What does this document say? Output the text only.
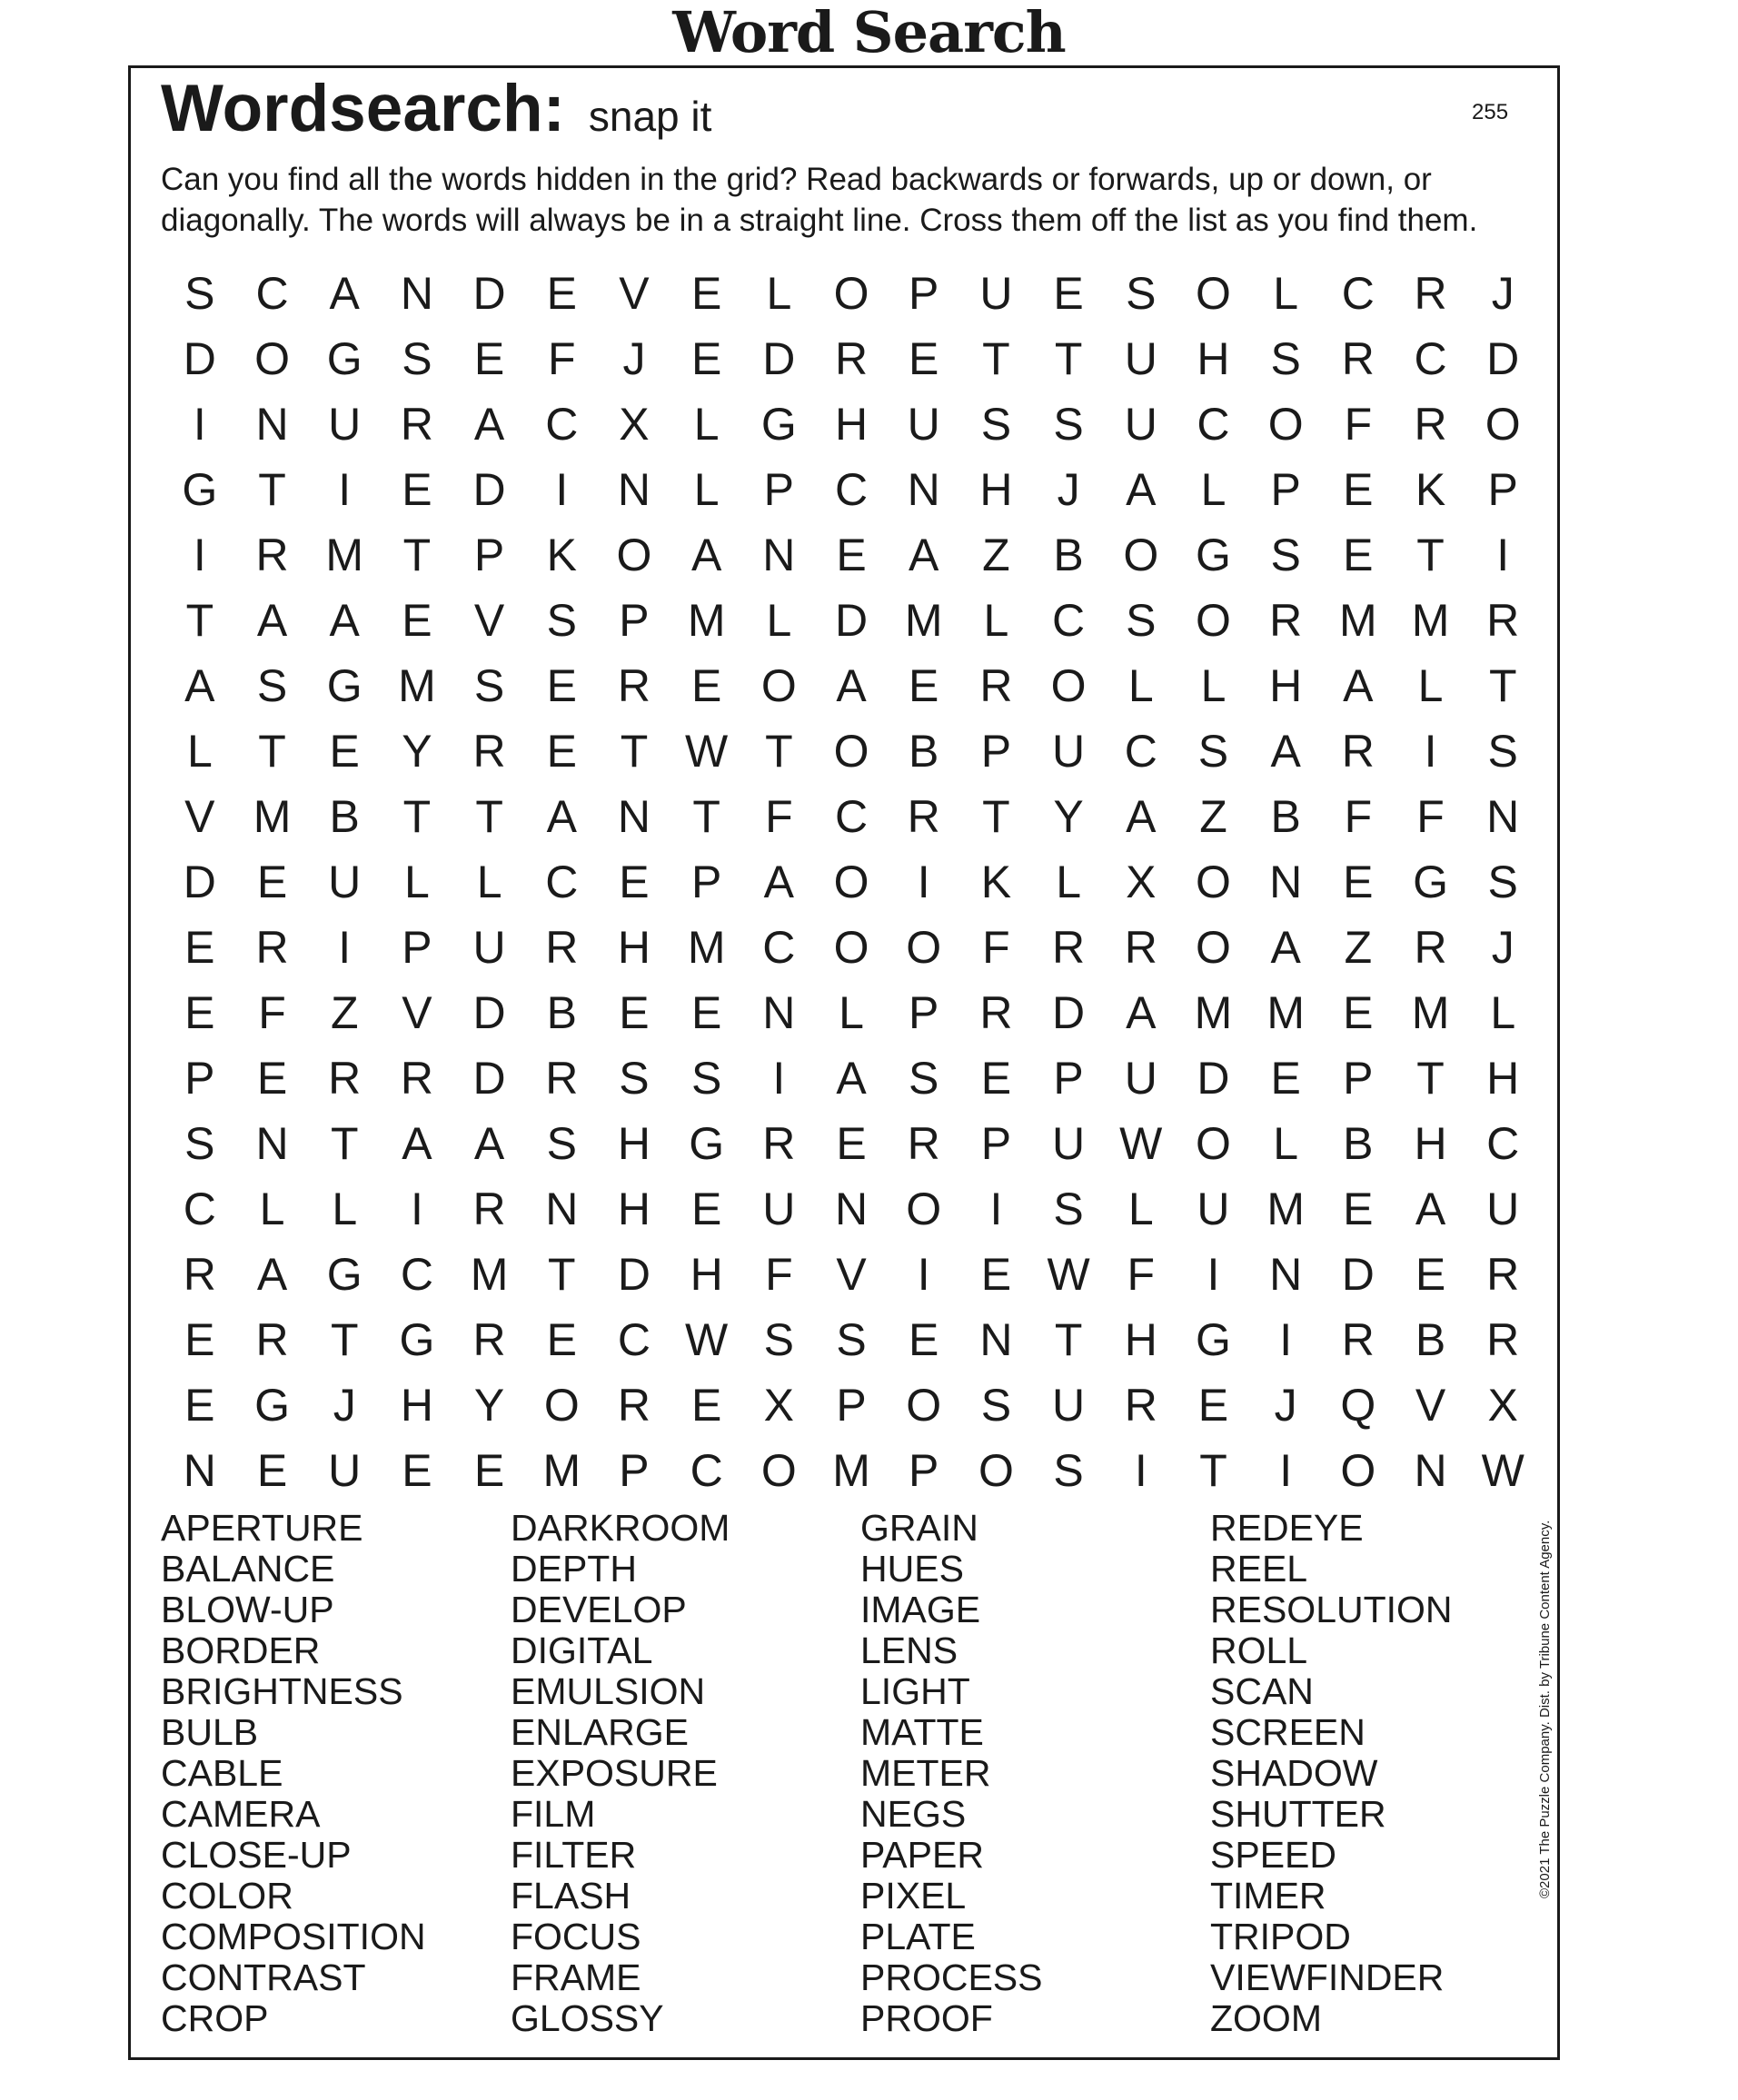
Word Search
Wordsearch: snap it	255
Can you find all the words hidden in the grid? Read backwards or forwards, up or down, or
diagonally. The words will always be in a straight line. Cross them off the list as you find them.
S C A N D E V E L O P U E S O L C R J
D O G S E F	J	E D R E T T U H S R C D
I	N U R A C X L G H U S S U C O F R O
G T	I	E D	I	N L P C N H J	A L P E K P
I	R M T P K O A N E A Z B O G S E T	I
T A A E V S P M L D M L C S O R M M R
A S G M S E R E O A E R O L	L H A L	T
L	T E Y R E T W T O B P U C S A R	I	S
V M B T T A N T F C R T Y A Z B F F N
D E U L	L C E P A O	I	K L X O N E G S
E R	I	P U R H M C O O F R R O A Z R J
E F Z V D B E E N L P R D A M M E M L
P E R R D R S S	I	A S E P U D E P T H
S N T A A S H G R E R P U W O L B H C
C L	L	I	R N H E U N O	I	S L U M E A U
R A G C M T D H F V	I	E W F	I	N D E R
E R T G R E C W S S E N T H G	I	R B R
E G J H Y O R E X P O S U R E	J Q V X
N E U E E M P C O M P O S	I	T	I	O N W
APERTURE
BALANCE
BLOW-UP
BORDER
BRIGHTNESS
BULB
CABLE
CAMERA
CLOSE-UP
COLOR
COMPOSITION
CONTRAST
CROP
DARKROOM
DEPTH
DEVELOP
DIGITAL
EMULSION
ENLARGE
EXPOSURE
FILM
FILTER
FLASH
FOCUS
FRAME
GLOSSY
GRAIN
HUES
IMAGE
LENS
LIGHT
MATTE
METER
NEGS
PAPER
PIXEL
PLATE
PROCESS
PROOF
REDEYE
REEL
RESOLUTION
ROLL
SCAN
SCREEN
SHADOW
SHUTTER
SPEED
TIMER
TRIPOD
VIEWFINDER
ZOOM
©2021 The Puzzle Company. Dist. by Tribune Content Agency.
